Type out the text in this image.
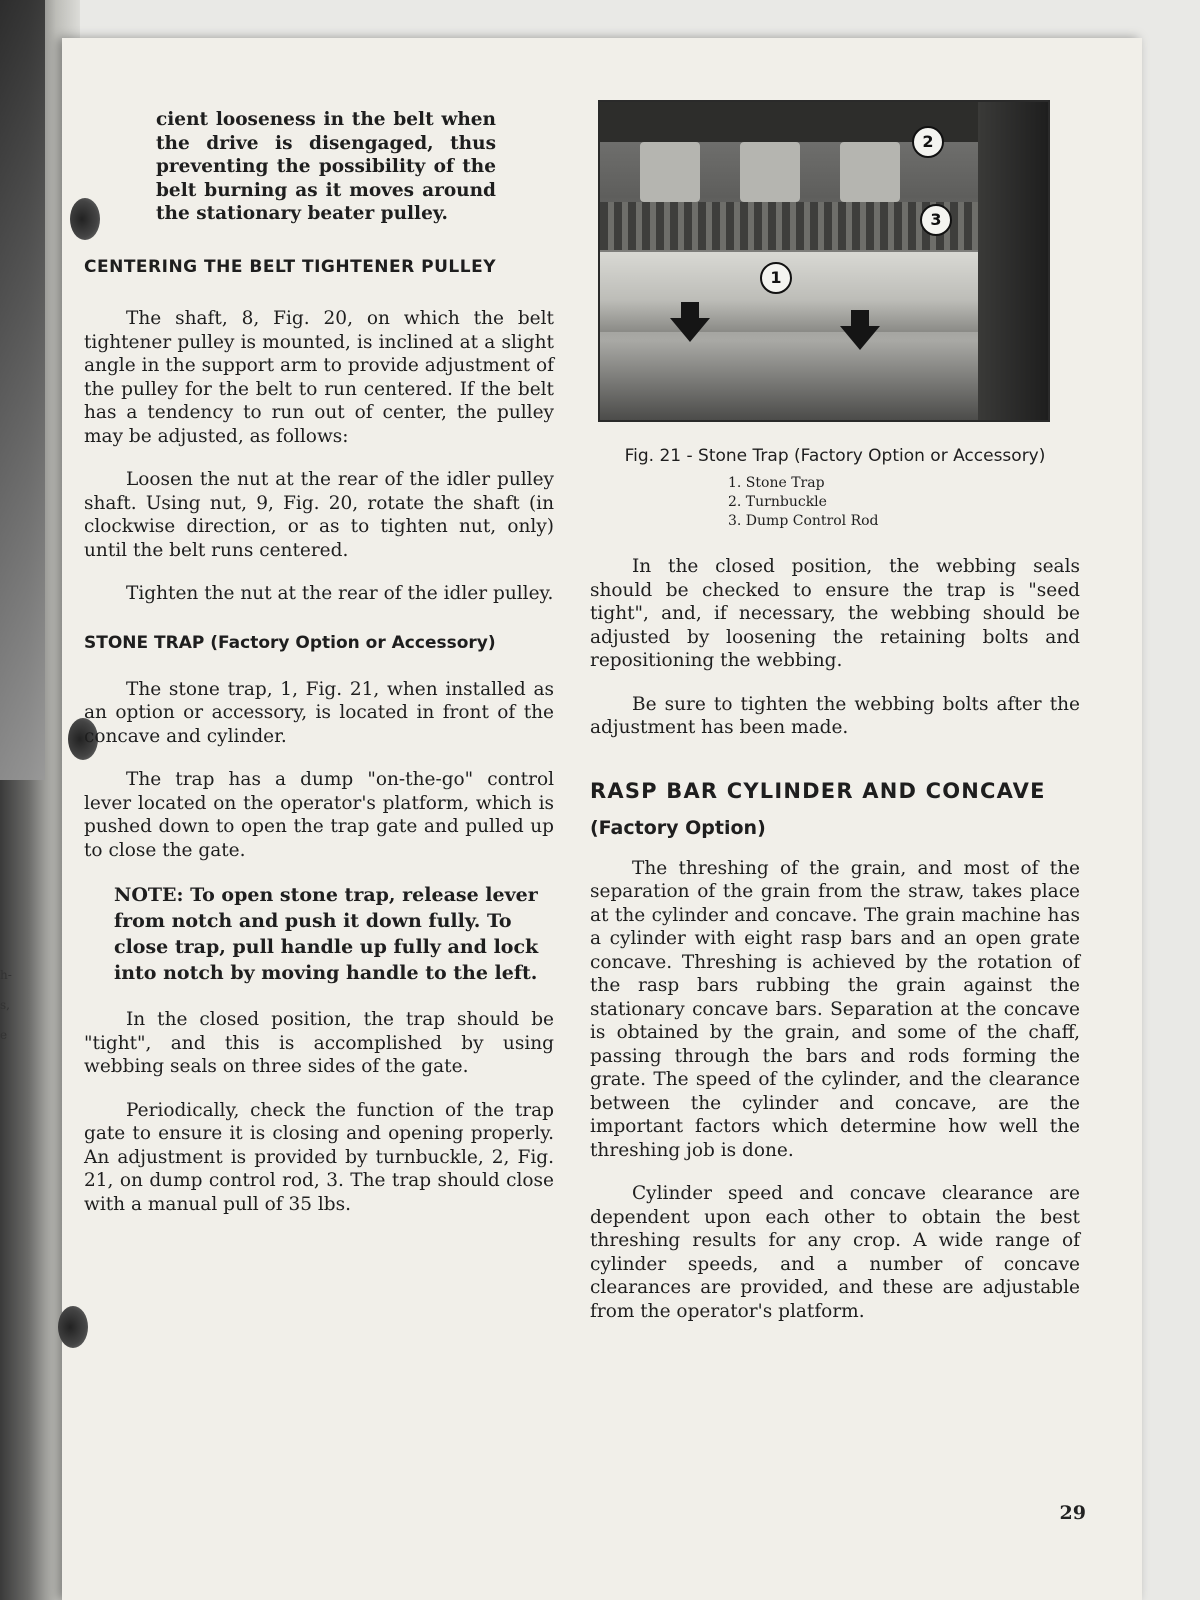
h-
s,
e

cient looseness in the belt when the drive is disengaged, thus preventing the possibility of the belt burning as it moves around the stationary beater pulley.

CENTERING THE BELT TIGHTENER PULLEY

The shaft, 8, Fig. 20, on which the belt tightener pulley is mounted, is inclined at a slight angle in the support arm to provide adjustment of the pulley for the belt to run centered. If the belt has a tendency to run out of center, the pulley may be adjusted, as follows:

Loosen the nut at the rear of the idler pulley shaft. Using nut, 9, Fig. 20, rotate the shaft (in clockwise direction, or as to tighten nut, only) until the belt runs centered.

Tighten the nut at the rear of the idler pulley.

STONE TRAP (Factory Option or Accessory)

The stone trap, 1, Fig. 21, when installed as an option or accessory, is located in front of the concave and cylinder.

The trap has a dump "on-the-go" control lever located on the operator's platform, which is pushed down to open the trap gate and pulled up to close the gate.

NOTE: To open stone trap, release lever from notch and push it down fully. To close trap, pull handle up fully and lock into notch by moving handle to the left.

In the closed position, the trap should be "tight", and this is accomplished by using webbing seals on three sides of the gate.

Periodically, check the function of the trap gate to ensure it is closing and opening properly. An adjustment is provided by turnbuckle, 2, Fig. 21, on dump control rod, 3. The trap should close with a manual pull of 35 lbs.

1
2
3
Fig. 21 - Stone Trap (Factory Option or Accessory)
1. Stone Trap
2. Turnbuckle
3. Dump Control Rod

In the closed position, the webbing seals should be checked to ensure the trap is "seed tight", and, if necessary, the webbing should be adjusted by loosening the retaining bolts and repositioning the webbing.

Be sure to tighten the webbing bolts after the adjustment has been made.

RASP BAR CYLINDER AND CONCAVE
(Factory Option)

The threshing of the grain, and most of the separation of the grain from the straw, takes place at the cylinder and concave. The grain machine has a cylinder with eight rasp bars and an open grate concave. Threshing is achieved by the rotation of the rasp bars rubbing the grain against the stationary concave bars. Separation at the concave is obtained by the grain, and some of the chaff, passing through the bars and rods forming the grate. The speed of the cylinder, and the clearance between the cylinder and concave, are the important factors which determine how well the threshing job is done.

Cylinder speed and concave clearance are dependent upon each other to obtain the best threshing results for any crop. A wide range of cylinder speeds, and a number of concave clearances are provided, and these are adjustable from the operator's platform.

29
